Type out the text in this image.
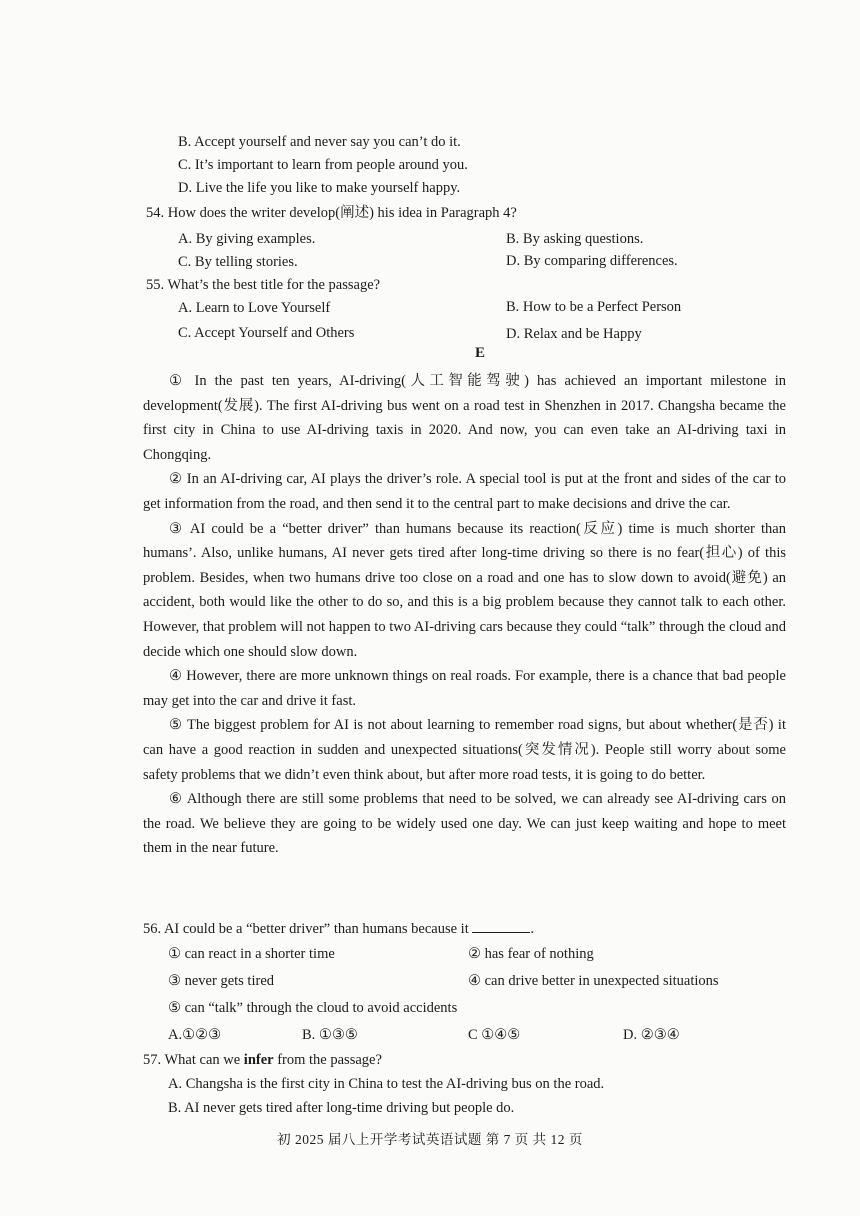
B. Accept yourself and never say you can’t do it.
C. It’s important to learn from people around you.
D. Live the life you like to make yourself happy.
54. How does the writer develop(阐述) his idea in Paragraph 4?
A. By giving examples.	B. By asking questions.
C. By telling stories.	D. By comparing differences.
55. What’s the best title for the passage?
A. Learn to Love Yourself	B. How to be a Perfect Person
C. Accept Yourself and Others	D. Relax and be Happy
E

① In the past ten years, AI-driving(人工智能驾驶) has achieved an important milestone in development(发展). The first AI-driving bus went on a road test in Shenzhen in 2017. Changsha became the first city in China to use AI-driving taxis in 2020. And now, you can even take an AI-driving taxi in Chongqing.

② In an AI-driving car, AI plays the driver’s role. A special tool is put at the front and sides of the car to get information from the road, and then send it to the central part to make decisions and drive the car.

③ AI could be a “better driver” than humans because its reaction(反应) time is much shorter than humans’. Also, unlike humans, AI never gets tired after long-time driving so there is no fear(担心) of this problem. Besides, when two humans drive too close on a road and one has to slow down to avoid(避免) an accident, both would like the other to do so, and this is a big problem because they cannot talk to each other. However, that problem will not happen to two AI-driving cars because they could “talk” through the cloud and decide which one should slow down.

④ However, there are more unknown things on real roads. For example, there is a chance that bad people may get into the car and drive it fast.

⑤ The biggest problem for AI is not about learning to remember road signs, but about whether(是否) it can have a good reaction in sudden and unexpected situations(突发情况). People still worry about some safety problems that we didn’t even think about, but after more road tests, it is going to do better.

⑥ Although there are still some problems that need to be solved, we can already see AI-driving cars on the road. We believe they are going to be widely used one day. We can just keep waiting and hope to meet them in the near future.

56. AI could be a “better driver” than humans because it	.
① can react in a shorter time	② has fear of nothing
③ never gets tired	④ can drive better in unexpected situations
⑤ can “talk” through the cloud to avoid accidents
A.①②③	B. ①③⑤	C ①④⑤	D. ②③④
57. What can we infer from the passage?
A. Changsha is the first city in China to test the AI-driving bus on the road.
B. AI never gets tired after long-time driving but people do.
初 2025 届八上开学考试英语试题 第 7 页 共 12 页
